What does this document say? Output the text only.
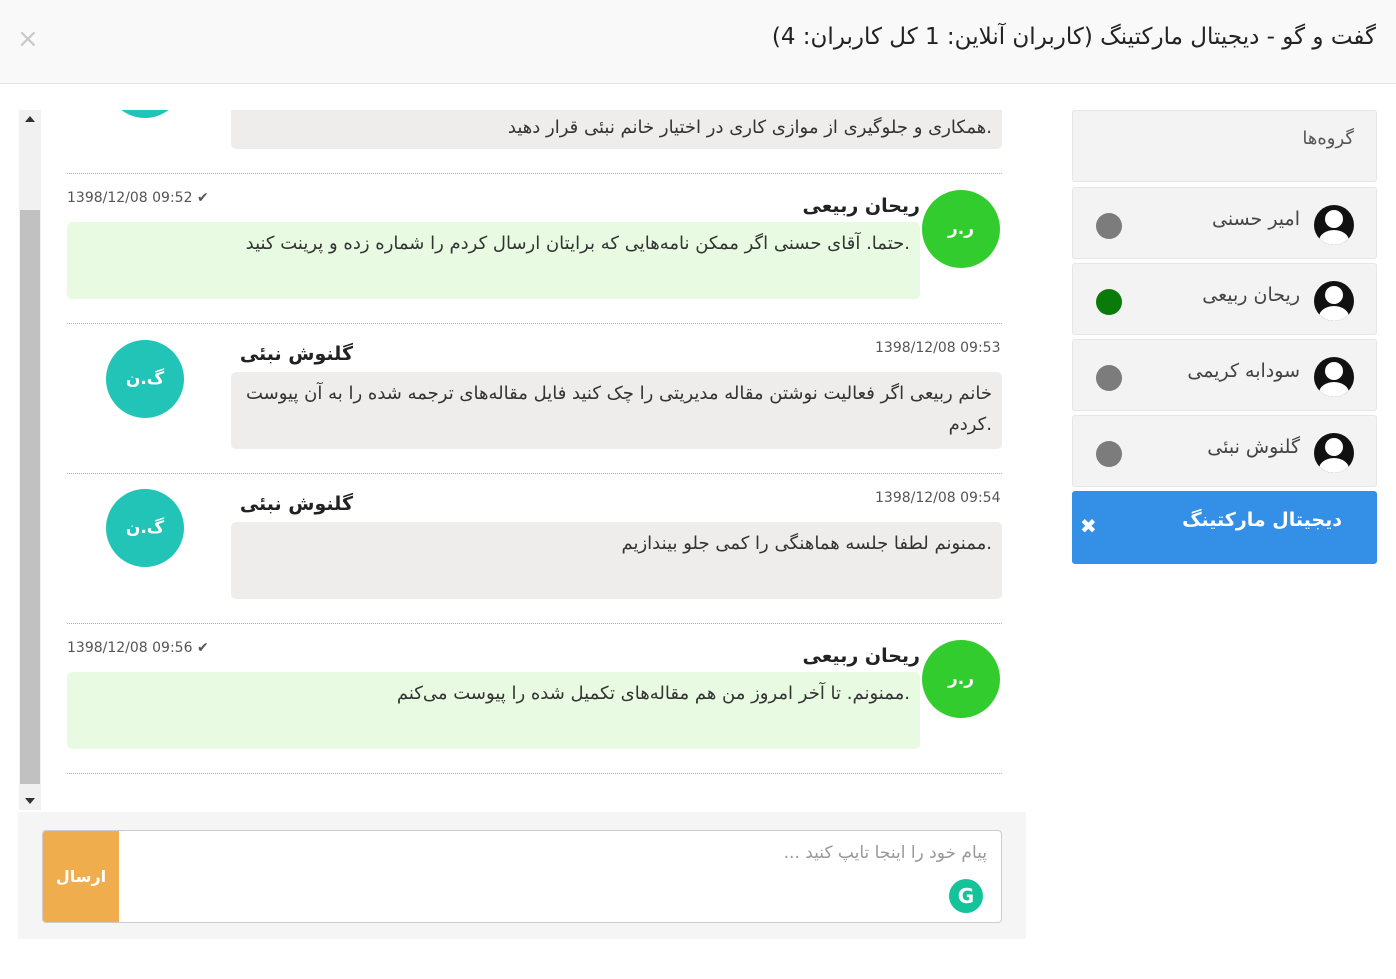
×	گفت و گو - دیجیتال مارکتینگ (کاربران آنلاین: 1 کل کاربران: 4)
گروه‌ها
امیر حسنی
ریحان ربیعی
سودابه کریمی
گلنوش نبئی
دیجیتال مارکتینگ
✖
همکاری و جلوگیری از موازی کاری در اختیار خانم نبئی قرار دهید.
1398/12/08 09:52 ✔	ریحان ربیعی
ر.ر
حتما. آقای حسنی اگر ممکن نامه‌هایی که برایتان ارسال کردم را شماره زده و پرینت کنید.
1398/12/08 09:53
گلنوش نبئی
گ.ن
خانم ربیعی اگر فعالیت نوشتن مقاله مدیریتی را چک کنید فایل مقاله‌های ترجمه شده را به آن پیوست کردم.
1398/12/08 09:54
گلنوش نبئی
گ.ن
ممنونم لطفا جلسه هماهنگی را کمی جلو بیندازیم.
1398/12/08 09:56 ✔	ریحان ربیعی
ر.ر
ممنونم. تا آخر امروز من هم مقاله‌های تکمیل شده را پیوست می‌کنم.
ارسال
پیام خود را اینجا تایپ کنید ...
G
